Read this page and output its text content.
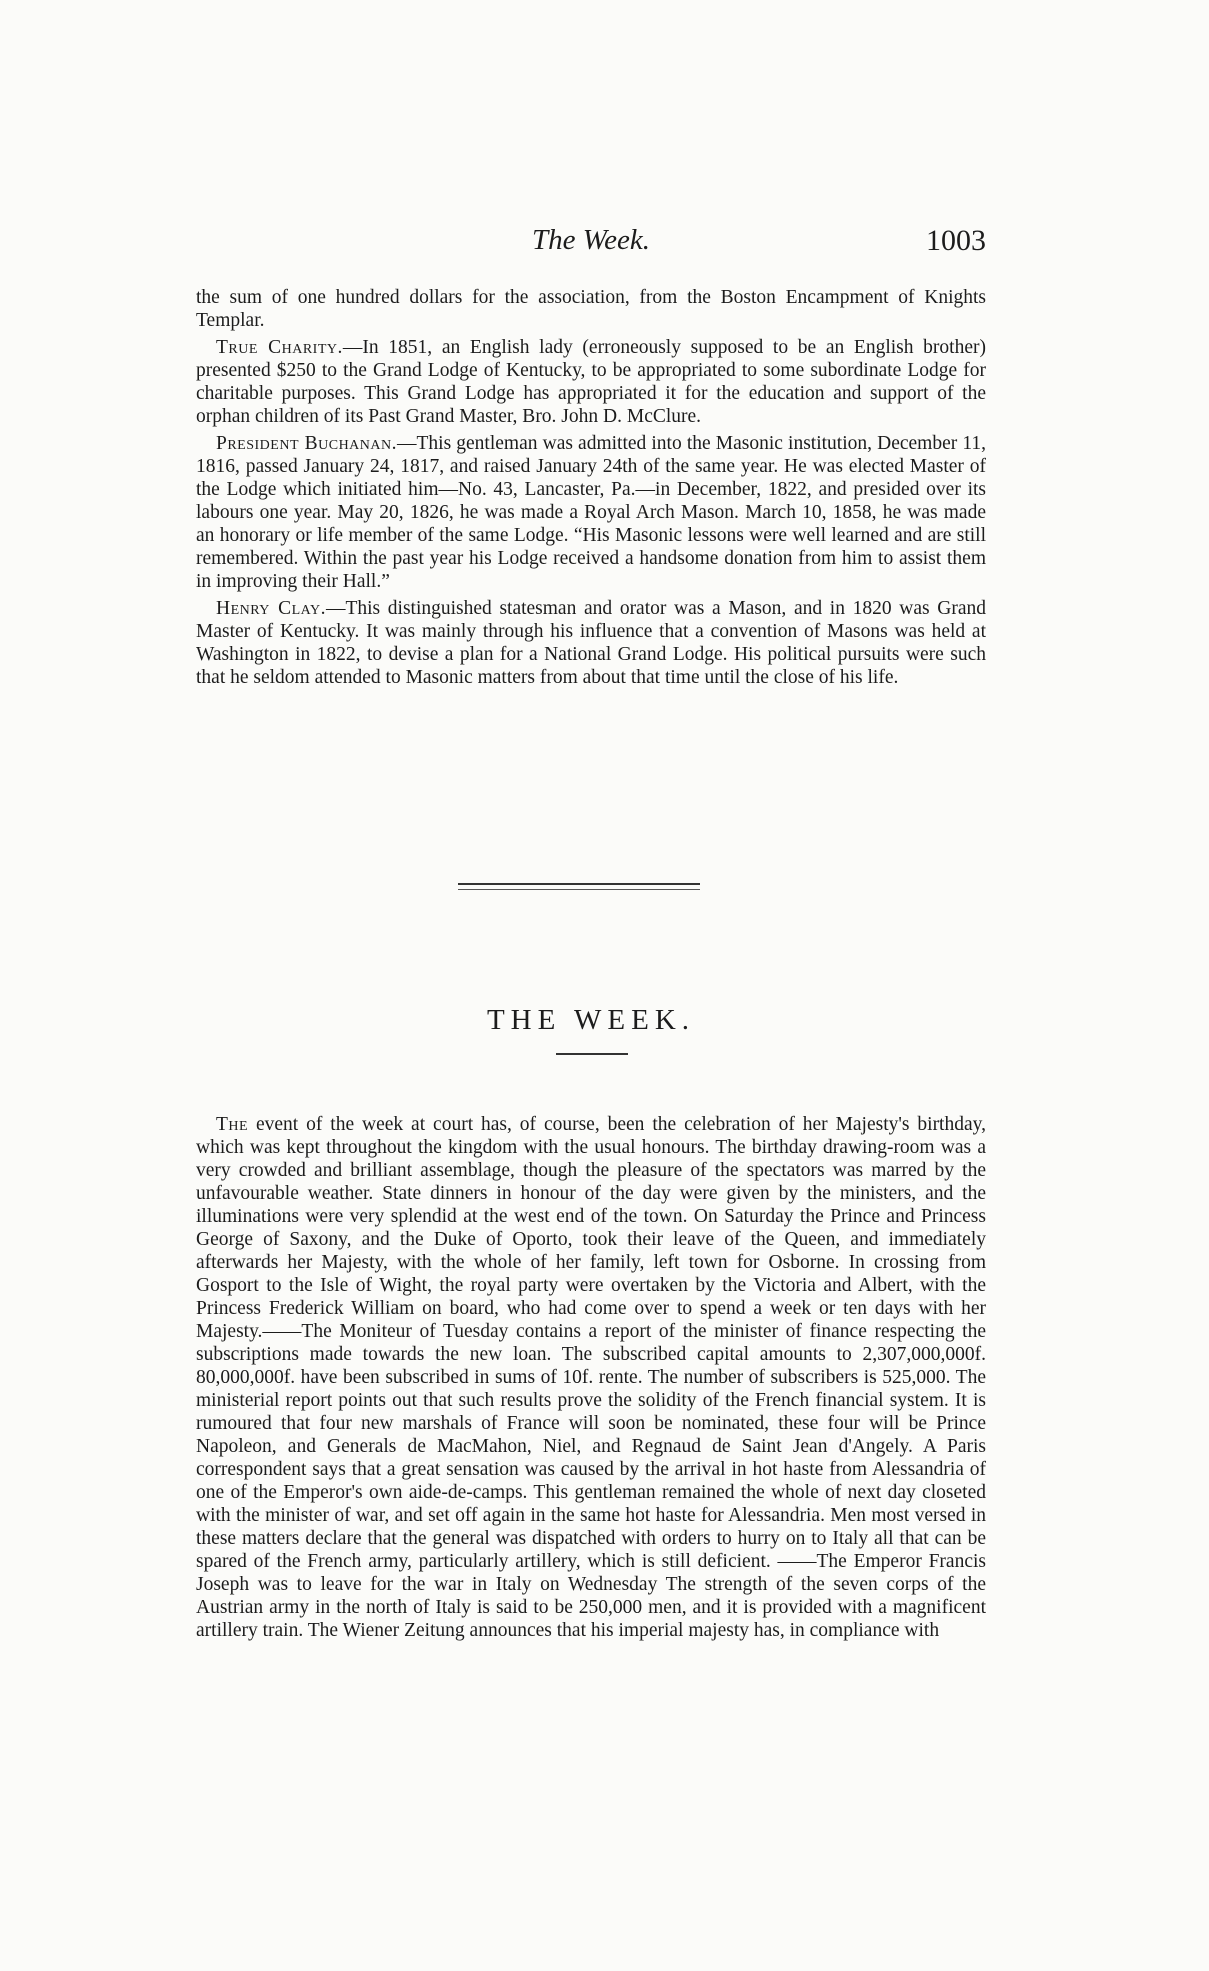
The Week.	1003

the sum of one hundred dollars for the association, from the Boston Encampment of Knights Templar.

True Charity.—In 1851, an English lady (erroneously supposed to be an English brother) presented $250 to the Grand Lodge of Kentucky, to be appropriated to some subordinate Lodge for charitable purposes. This Grand Lodge has appropriated it for the education and support of the orphan children of its Past Grand Master, Bro. John D. McClure.

President Buchanan.—This gentleman was admitted into the Masonic institution, December 11, 1816, passed January 24, 1817, and raised January 24th of the same year. He was elected Master of the Lodge which initiated him—No. 43, Lancaster, Pa.—in December, 1822, and presided over its labours one year. May 20, 1826, he was made a Royal Arch Mason. March 10, 1858, he was made an honorary or life member of the same Lodge. “His Masonic lessons were well learned and are still remembered. Within the past year his Lodge received a handsome donation from him to assist them in improving their Hall.”

Henry Clay.—This distinguished statesman and orator was a Mason, and in 1820 was Grand Master of Kentucky. It was mainly through his influence that a convention of Masons was held at Washington in 1822, to devise a plan for a National Grand Lodge. His political pursuits were such that he seldom attended to Masonic matters from about that time until the close of his life.

THE WEEK.

The event of the week at court has, of course, been the celebration of her Majesty's birthday, which was kept throughout the kingdom with the usual honours. The birthday drawing-room was a very crowded and brilliant assemblage, though the pleasure of the spectators was marred by the unfavourable weather. State dinners in honour of the day were given by the ministers, and the illuminations were very splendid at the west end of the town. On Saturday the Prince and Princess George of Saxony, and the Duke of Oporto, took their leave of the Queen, and immediately afterwards her Majesty, with the whole of her family, left town for Osborne. In crossing from Gosport to the Isle of Wight, the royal party were overtaken by the Victoria and Albert, with the Princess Frederick William on board, who had come over to spend a week or ten days with her Majesty.——The Moniteur of Tuesday contains a report of the minister of finance respecting the subscriptions made towards the new loan. The subscribed capital amounts to 2,307,000,000f. 80,000,000f. have been subscribed in sums of 10f. rente. The number of subscribers is 525,000. The ministerial report points out that such results prove the solidity of the French financial system. It is rumoured that four new marshals of France will soon be nominated, these four will be Prince Napoleon, and Generals de MacMahon, Niel, and Regnaud de Saint Jean d'Angely. A Paris correspondent says that a great sensation was caused by the arrival in hot haste from Alessandria of one of the Emperor's own aide-de-camps. This gentleman remained the whole of next day closeted with the minister of war, and set off again in the same hot haste for Alessandria. Men most versed in these matters declare that the general was dispatched with orders to hurry on to Italy all that can be spared of the French army, particularly artillery, which is still deficient. ——The Emperor Francis Joseph was to leave for the war in Italy on Wednesday The strength of the seven corps of the Austrian army in the north of Italy is said to be 250,000 men, and it is provided with a magnificent artillery train. The Wiener Zeitung announces that his imperial majesty has, in compliance with
